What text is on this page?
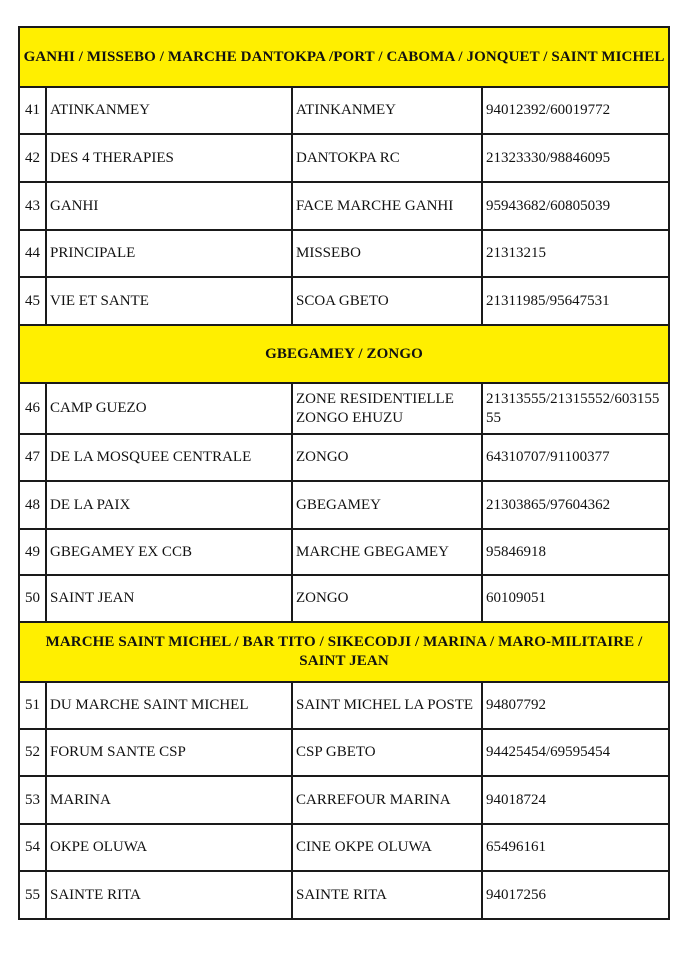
GANHI / MISSEBO / MARCHE DANTOKPA /PORT / CABOMA / JONQUET / SAINT MICHEL			
41	ATINKANMEY	ATINKANMEY	94012392/60019772
42	DES 4 THERAPIES	DANTOKPA RC	21323330/98846095
43	GANHI	FACE MARCHE GANHI	95943682/60805039
44	PRINCIPALE	MISSEBO	21313215
45	VIE ET SANTE	SCOA GBETO	21311985/95647531
GBEGAMEY / ZONGO			
46	CAMP GUEZO	ZONE RESIDENTIELLE ZONGO EHUZU	21313555/21315552/60315555
47	DE LA MOSQUEE CENTRALE	ZONGO	64310707/91100377
48	DE LA PAIX	GBEGAMEY	21303865/97604362
49	GBEGAMEY EX CCB	MARCHE GBEGAMEY	95846918
50	SAINT JEAN	ZONGO	60109051
MARCHE SAINT MICHEL / BAR TITO / SIKECODJI / MARINA / MARO-MILITAIRE / SAINT JEAN			
51	DU MARCHE SAINT MICHEL	SAINT MICHEL LA POSTE	94807792
52	FORUM SANTE CSP	CSP GBETO	94425454/69595454
53	MARINA	CARREFOUR MARINA	94018724
54	OKPE OLUWA	CINE OKPE OLUWA	65496161
55	SAINTE RITA	SAINTE RITA	94017256
